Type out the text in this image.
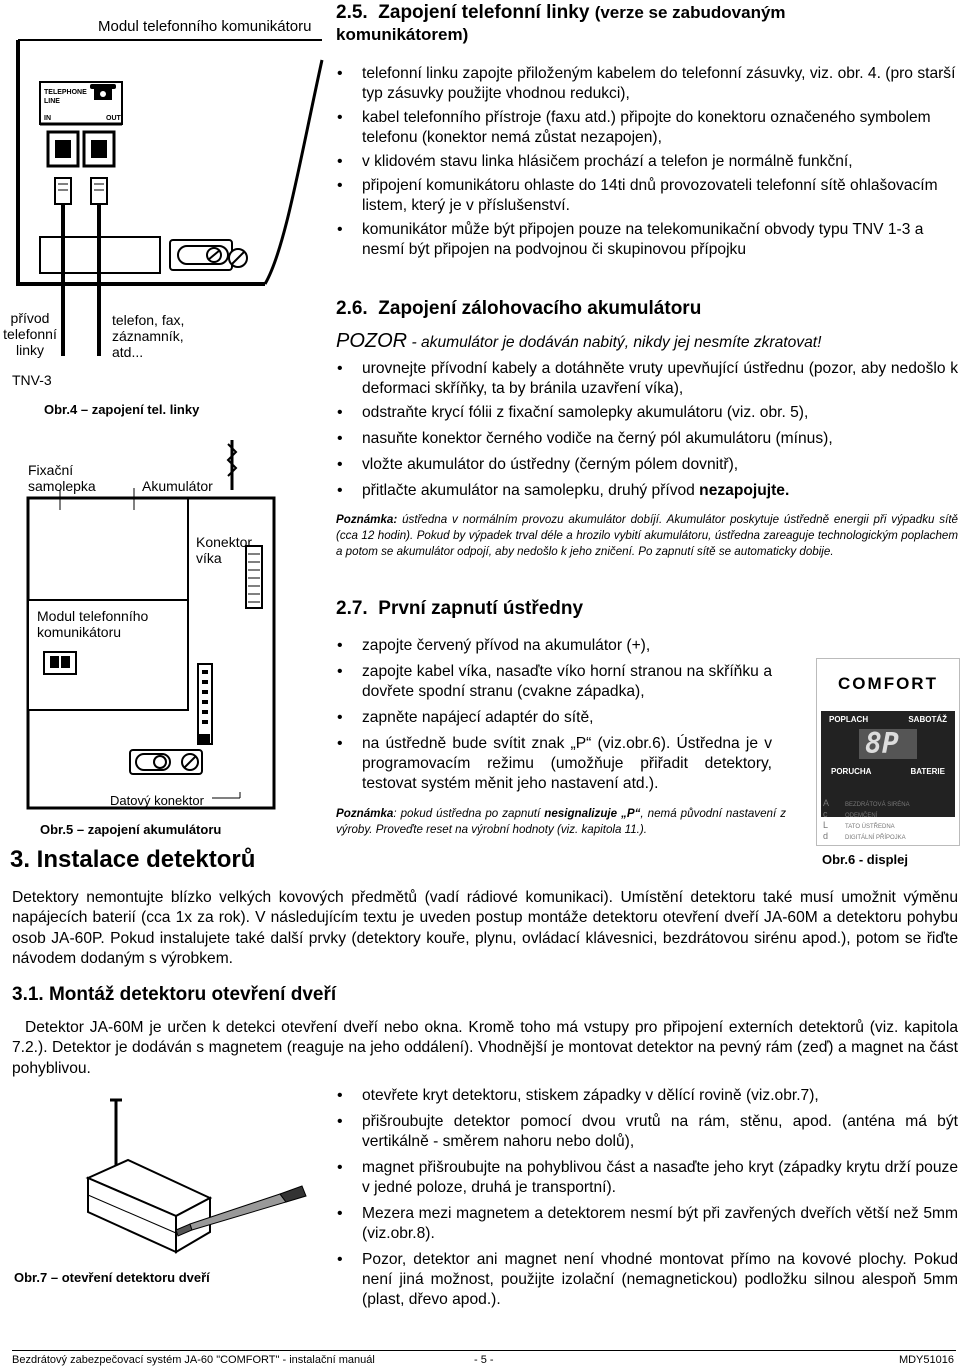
Modul telefonního komunikátoru
TELEPHONE LINE
IN	OUT
přívod
telefonní
linky
telefon, fax,
záznamník,
atd...
TNV-3
Obr.4 – zapojení tel. linky
Fixační
samolepka	Akumulátor
Konektor
víka
Modul telefonního
komunikátoru
Datový konektor
Obr.5 – zapojení akumulátoru
2.5. Zapojení telefonní linky (verze se zabudovaným komunikátorem)
• telefonní linku zapojte přiloženým kabelem do telefonní zásuvky, viz. obr. 4. (pro starší typ zásuvky použijte vhodnou redukci),
• kabel telefonního přístroje (faxu atd.) připojte do konektoru označeného symbolem telefonu (konektor nemá zůstat nezapojen),
• v klidovém stavu linka hlásičem prochází a telefon je normálně funkční,
• připojení komunikátoru ohlaste do 14ti dnů provozovateli telefonní sítě ohlašovacím listem, který je v příslušenství.
• komunikátor může být připojen pouze na telekomunikační obvody typu TNV 1-3 a nesmí být připojen na podvojnou či skupinovou přípojku
2.6. Zapojení zálohovacího akumulátoru
POZOR - akumulátor je dodáván nabitý, nikdy jej nesmíte zkratovat!
• urovnejte přívodní kabely a dotáhněte vruty upevňující ústřednu (pozor, aby nedošlo k deformaci skříňky, ta by bránila uzavření víka),
• odstraňte krycí fólii z fixační samolepky akumulátoru (viz. obr. 5),
• nasuňte konektor černého vodiče na černý pól akumulátoru (mínus),
• vložte akumulátor do ústředny (černým pólem dovnitř),
• přitlačte akumulátor na samolepku, druhý přívod nezapojujte.
Poznámka: ústředna v normálním provozu akumulátor dobíjí. Akumulátor poskytuje ústředně energii při výpadku sítě (cca 12 hodin). Pokud by výpadek trval déle a hrozilo vybití akumulátoru, ústředna zareaguje technologickým poplachem a potom se akumulátor odpojí, aby nedošlo k jeho zničení. Po zapnutí sítě se automaticky dobije.
2.7. První zapnutí ústředny
• zapojte červený přívod na akumulátor (+),
• zapojte kabel víka, nasaďte víko horní stranou na skříňku a dovřete spodní stranu (cvakne západka),
• zapněte napájecí adaptér do sítě,
• na ústředně bude svítit znak „P“ (viz.obr.6). Ústředna je v programovacím režimu (umožňuje přiřadit detektory, testovat systém měnit jeho nastavení atd.).
Poznámka: pokud ústředna po zapnutí nesignalizuje „P“, nemá původní nastavení z výroby. Proveďte reset na výrobní hodnoty (viz. kapitola 11.).
COMFORT
POPLACH	SABOTÁŽ
8P
PORUCHA	BATERIE
A	BEZDRÁTOVÁ SIRÉNA
c	ODEMČENÍ
L	TATO ÚSTŘEDNA
d	DIGITÁLNÍ PŘÍPOJKA
Obr.6 - displej
3. Instalace detektorů
Detektory nemontujte blízko velkých kovových předmětů (vadí rádiové komunikaci). Umístění detektoru také musí umožnit výměnu napájecích baterií (cca 1x za rok). V následujícím textu je uveden postup montáže detektoru otevření dveří JA-60M a detektoru pohybu osob JA-60P. Pokud instalujete také další prvky (detektory kouře, plynu, ovládací klávesnici, bezdrátovou sirénu apod.), potom se řiďte návodem dodaným s výrobkem.
3.1. Montáž detektoru otevření dveří
Detektor JA-60M je určen k detekci otevření dveří nebo okna. Kromě toho má vstupy pro připojení externích detektorů (viz. kapitola 7.2.). Detektor je dodáván s magnetem (reaguje na jeho oddálení). Vhodnější je montovat detektor na pevný rám (zeď) a magnet na část pohyblivou.
Obr.7 – otevření detektoru dveří
• otevřete kryt detektoru, stiskem západky v dělící rovině (viz.obr.7),
• přišroubujte detektor pomocí dvou vrutů na rám, stěnu, apod. (anténa má být vertikálně - směrem nahoru nebo dolů),
• magnet přišroubujte na pohyblivou část a nasaďte jeho kryt (západky krytu drží pouze v jedné poloze, druhá je transportní).
• Mezera mezi magnetem a detektorem nesmí být při zavřených dveřích větší než 5mm (viz.obr.8).
• Pozor, detektor ani magnet není vhodné montovat přímo na kovové plochy. Pokud není jiná možnost, použijte izolační (nemagnetickou) podložku silnou alespoň 5mm (plast, dřevo apod.).
Bezdrátový zabezpečovací systém JA-60 "COMFORT" - instalační manuál	- 5 -	MDY51016
